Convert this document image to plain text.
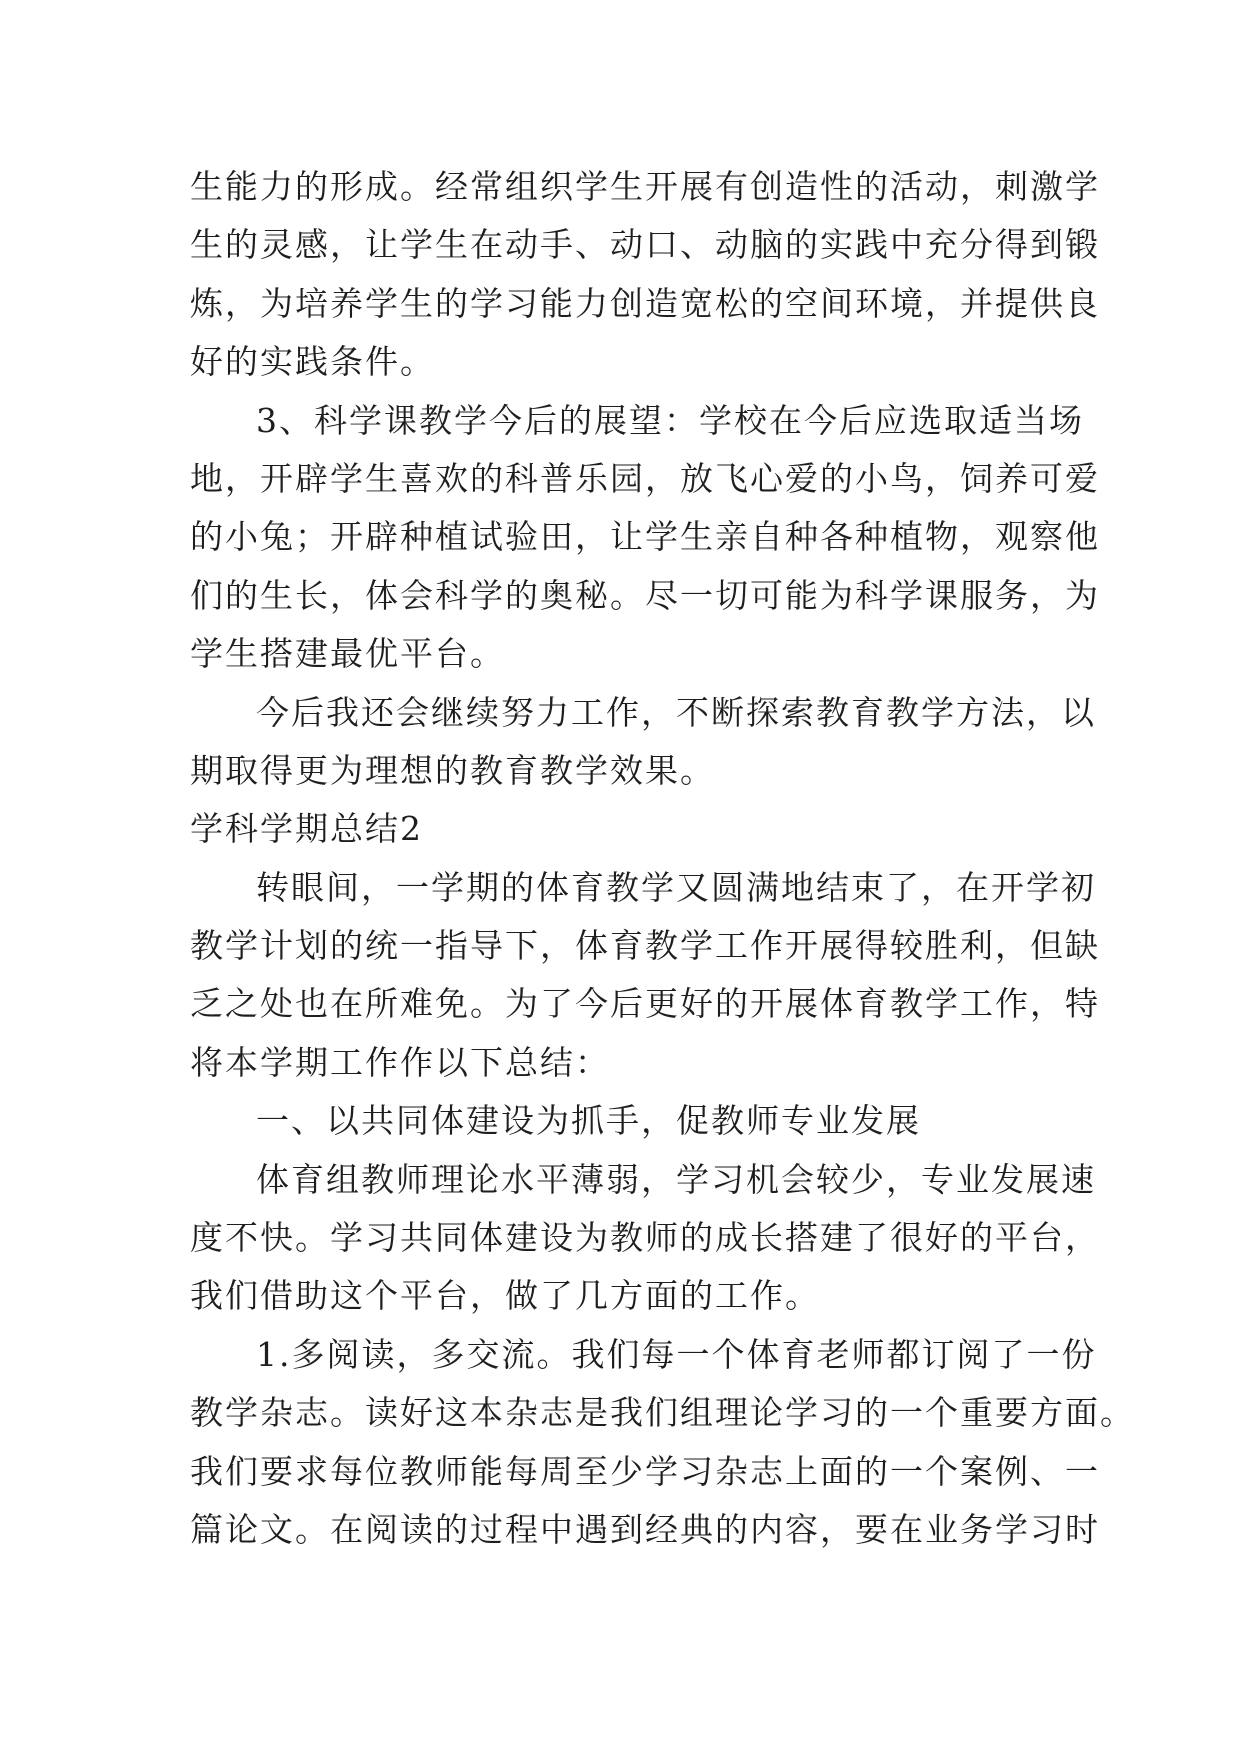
生能力的形成。经常组织学生开展有创造性的活动，刺激学
生的灵感，让学生在动手、动口、动脑的实践中充分得到锻
炼，为培养学生的学习能力创造宽松的空间环境，并提供良
好的实践条件。
3、科学课教学今后的展望：学校在今后应选取适当场
地，开辟学生喜欢的科普乐园，放飞心爱的小鸟，饲养可爱
的小兔；开辟种植试验田，让学生亲自种各种植物，观察他
们的生长，体会科学的奥秘。尽一切可能为科学课服务，为
学生搭建最优平台。
今后我还会继续努力工作，不断探索教育教学方法，以
期取得更为理想的教育教学效果。
学科学期总结2
转眼间，一学期的体育教学又圆满地结束了，在开学初
教学计划的统一指导下，体育教学工作开展得较胜利，但缺
乏之处也在所难免。为了今后更好的开展体育教学工作，特
将本学期工作作以下总结：
一、以共同体建设为抓手，促教师专业发展
体育组教师理论水平薄弱，学习机会较少，专业发展速
度不快。学习共同体建设为教师的成长搭建了很好的平台，
我们借助这个平台，做了几方面的工作。
1.多阅读，多交流。我们每一个体育老师都订阅了一份
教学杂志。读好这本杂志是我们组理论学习的一个重要方面。
我们要求每位教师能每周至少学习杂志上面的一个案例、一
篇论文。在阅读的过程中遇到经典的内容，要在业务学习时
